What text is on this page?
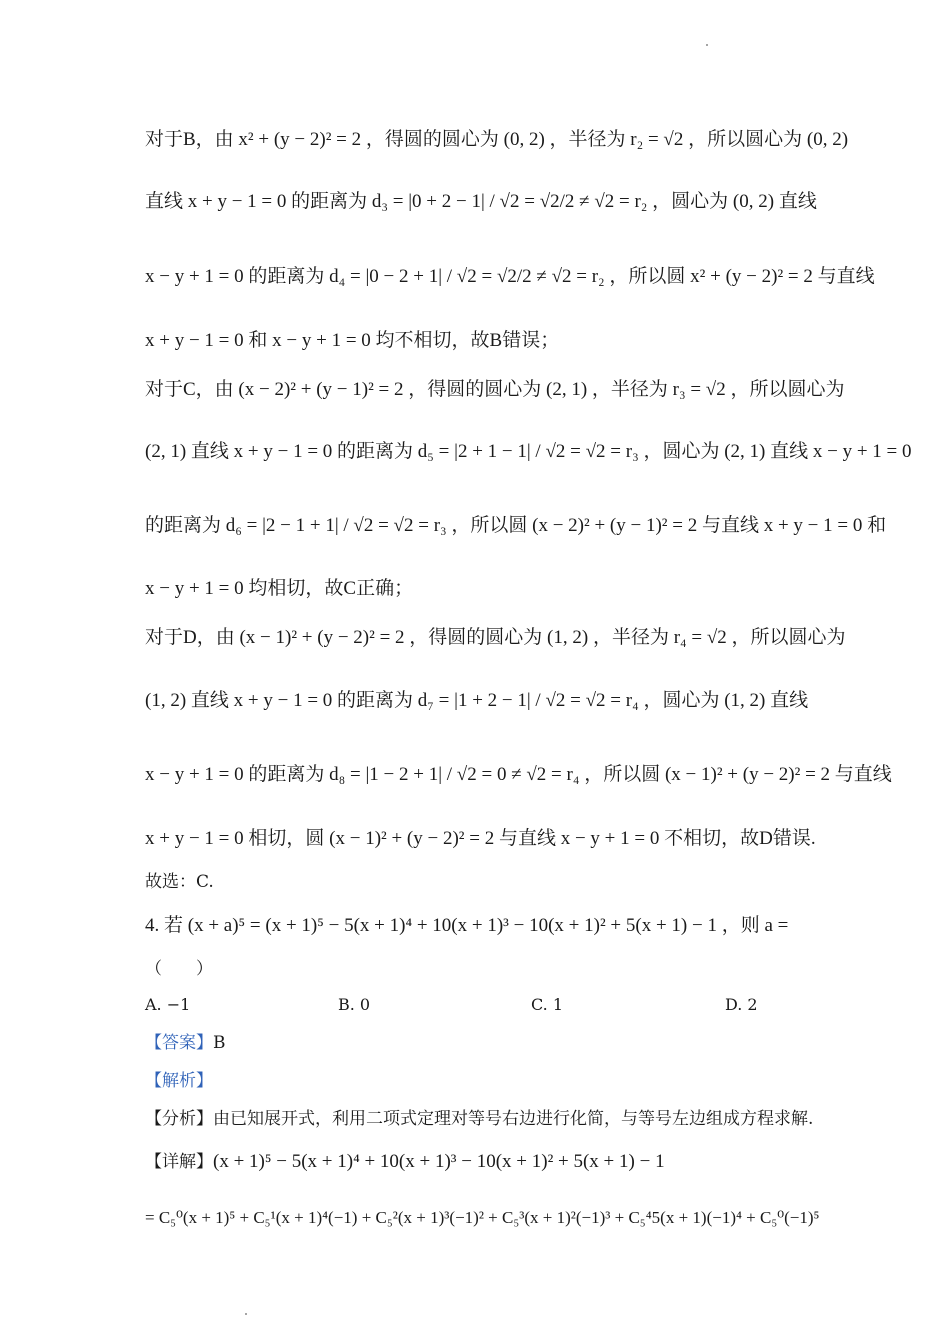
对于B，由 x² + (y − 2)² = 2 ，得圆的圆心为 (0, 2) ，半径为 r₂ = √2 ，所以圆心为 (0, 2)
直线 x + y − 1 = 0 的距离为 d₃ = |0 + 2 − 1| / √2 = √2/2 ≠ √2 = r₂ ，圆心为 (0, 2) 直线
x − y + 1 = 0 的距离为 d₄ = |0 − 2 + 1| / √2 = √2/2 ≠ √2 = r₂ ，所以圆 x² + (y − 2)² = 2 与直线
x + y − 1 = 0 和 x − y + 1 = 0 均不相切，故B错误；
对于C，由 (x − 2)² + (y − 1)² = 2 ，得圆的圆心为 (2, 1) ，半径为 r₃ = √2 ，所以圆心为
(2, 1) 直线 x + y − 1 = 0 的距离为 d₅ = |2 + 1 − 1| / √2 = √2 = r₃ ，圆心为 (2, 1) 直线 x − y + 1 = 0
的距离为 d₆ = |2 − 1 + 1| / √2 = √2 = r₃ ，所以圆 (x − 2)² + (y − 1)² = 2 与直线 x + y − 1 = 0 和
x − y + 1 = 0 均相切，故C正确；
对于D，由 (x − 1)² + (y − 2)² = 2 ，得圆的圆心为 (1, 2) ，半径为 r₄ = √2 ，所以圆心为
(1, 2) 直线 x + y − 1 = 0 的距离为 d₇ = |1 + 2 − 1| / √2 = √2 = r₄ ，圆心为 (1, 2) 直线
x − y + 1 = 0 的距离为 d₈ = |1 − 2 + 1| / √2 = 0 ≠ √2 = r₄ ，所以圆 (x − 1)² + (y − 2)² = 2 与直线
x + y − 1 = 0 相切，圆 (x − 1)² + (y − 2)² = 2 与直线 x − y + 1 = 0 不相切，故D错误.
故选：C.
4. 若 (x + a)⁵ = (x + 1)⁵ − 5(x + 1)⁴ + 10(x + 1)³ − 10(x + 1)² + 5(x + 1) − 1 ，则 a =
（　　）
A. −1	B. 0	C. 1	D. 2
【答案】B
【解析】
【分析】由已知展开式，利用二项式定理对等号右边进行化简，与等号左边组成方程求解.
【详解】(x + 1)⁵ − 5(x + 1)⁴ + 10(x + 1)³ − 10(x + 1)² + 5(x + 1) − 1
= C₅⁰(x + 1)⁵ + C₅¹(x + 1)⁴(−1) + C₅²(x + 1)³(−1)² + C₅³(x + 1)²(−1)³ + C₅⁴5(x + 1)(−1)⁴ + C₅⁰(−1)⁵
